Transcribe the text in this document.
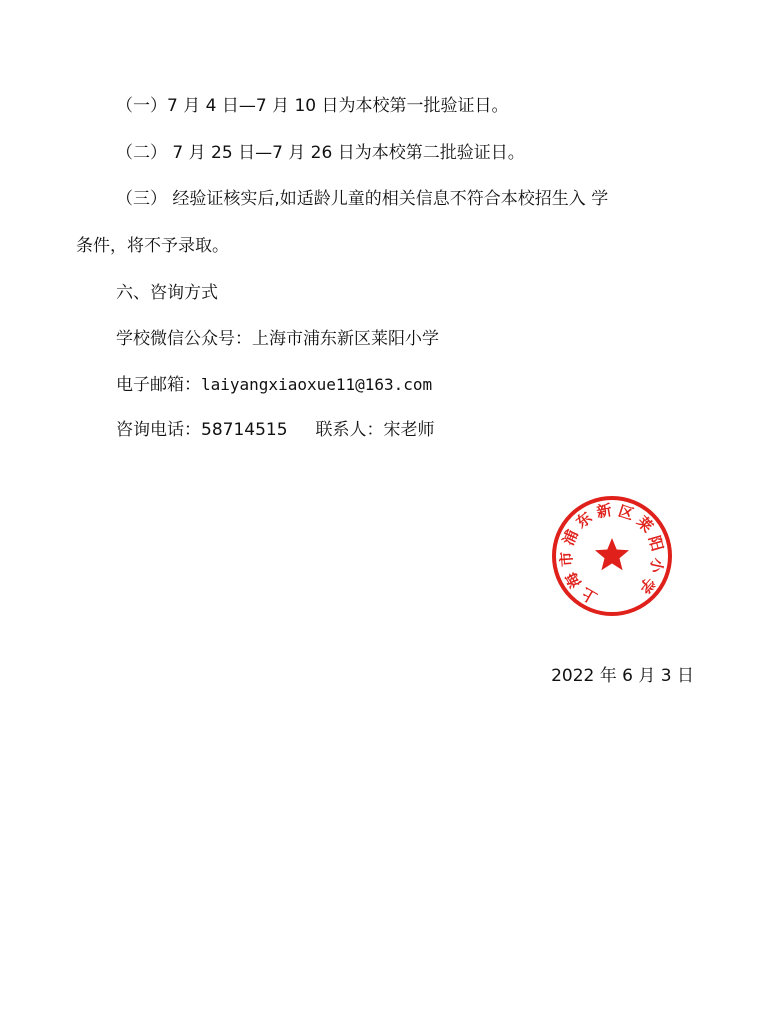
（一）7 月 4 日—7 月 10 日为本校第一批验证日。
（二） 7 月 25 日—7 月 26 日为本校第二批验证日。
（三） 经验证核实后,如适龄儿童的相关信息不符合本校招生入 学
条件，将不予录取。
六、咨询方式
学校微信公众号：上海市浦东新区莱阳小学
电子邮箱：laiyangxiaoxue11@163.com
咨询电话：58714515 联系人：宋老师
上
海
市
浦
东 新 区
莱
阳
小
学
2022 年 6 月 3 日
